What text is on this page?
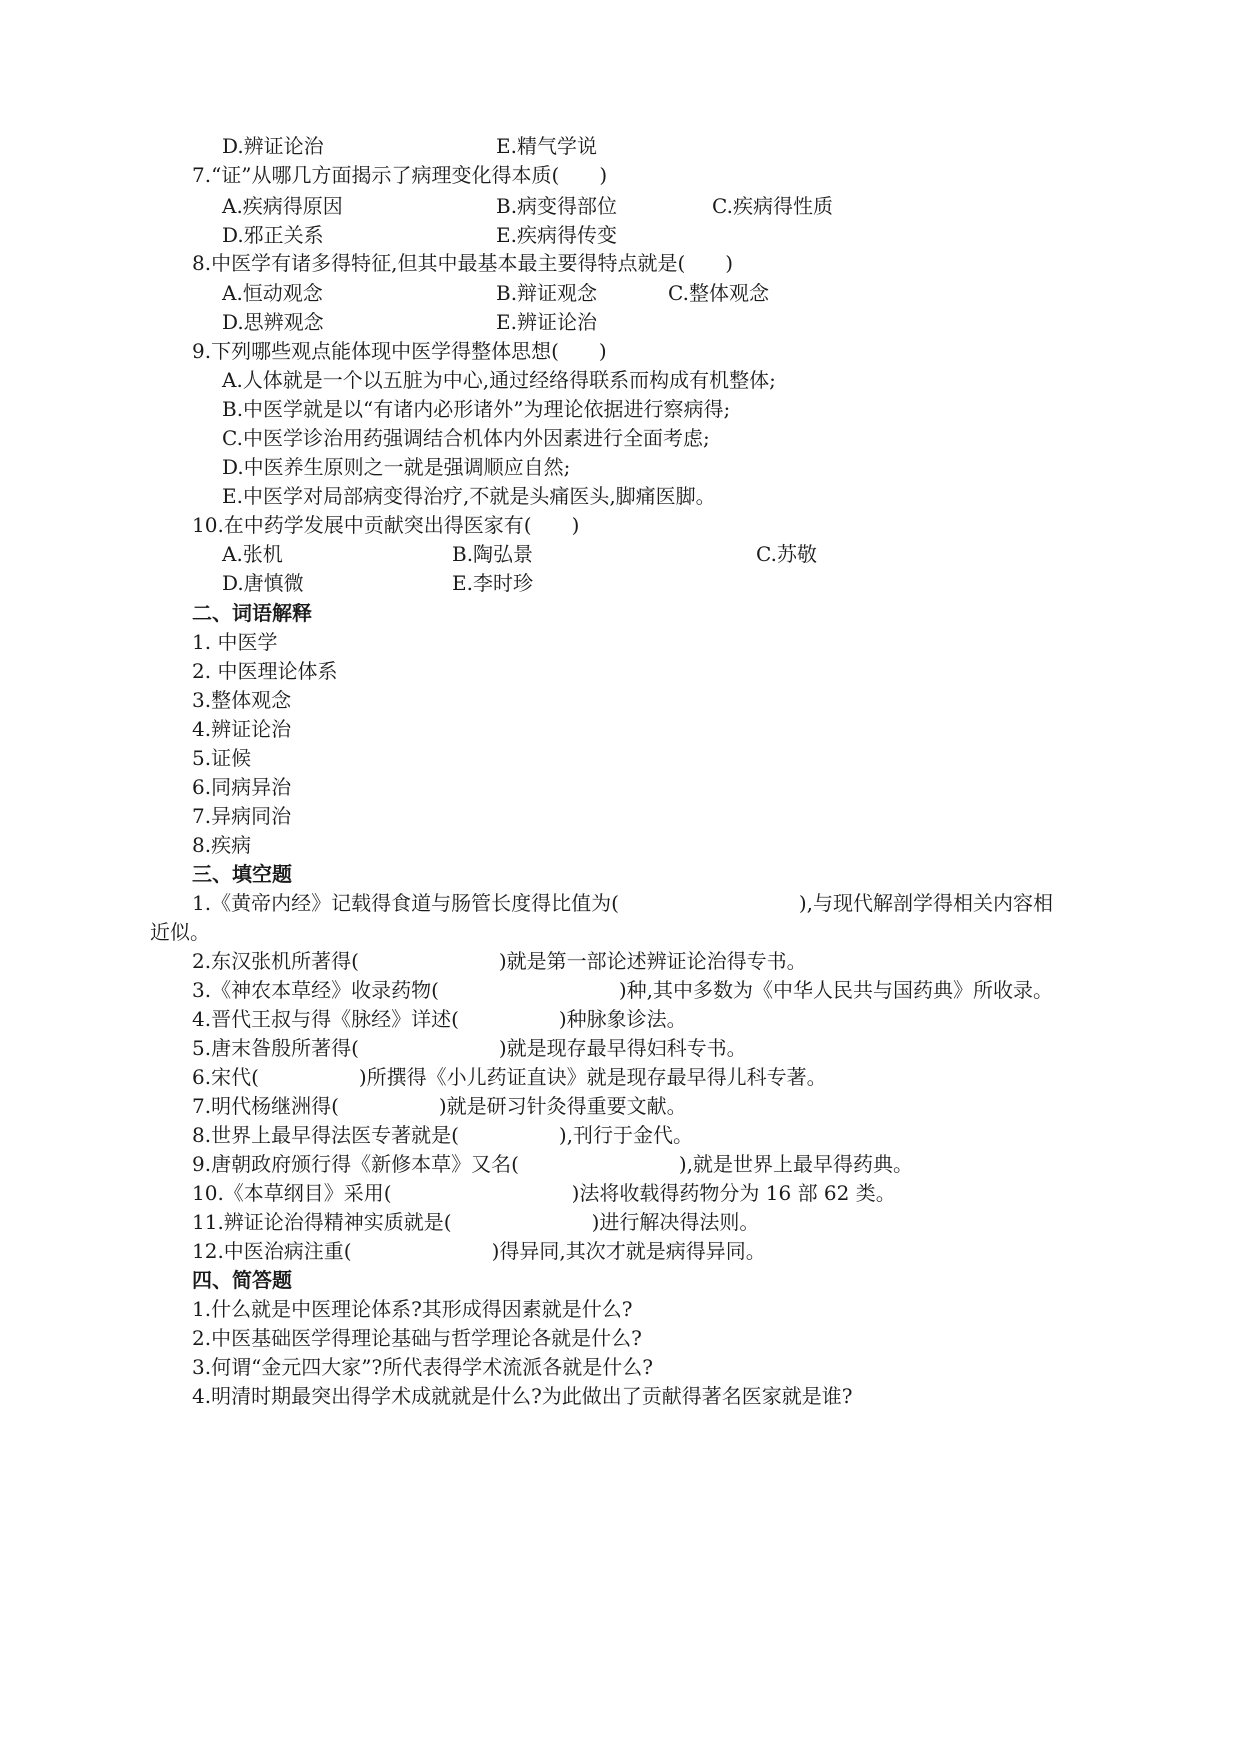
D.辨证论治	E.精气学说
7.“证”从哪几方面揭示了病理变化得本质(　　)
A.疾病得原因	B.病变得部位	C.疾病得性质
D.邪正关系	E.疾病得传变
8.中医学有诸多得特征,但其中最基本最主要得特点就是(　　)
A.恒动观念	B.辩证观念	C.整体观念
D.思辨观念	E.辨证论治
9.下列哪些观点能体现中医学得整体思想(　　)
A.人体就是一个以五脏为中心,通过经络得联系而构成有机整体;
B.中医学就是以“有诸内必形诸外”为理论依据进行察病得;
C.中医学诊治用药强调结合机体内外因素进行全面考虑;
D.中医养生原则之一就是强调顺应自然;
E.中医学对局部病变得治疗,不就是头痛医头,脚痛医脚。
10.在中药学发展中贡献突出得医家有(　　)
A.张机	B.陶弘景	C.苏敬
D.唐慎微	E.李时珍
二、词语解释
1. 中医学
2. 中医理论体系
3.整体观念
4.辨证论治
5.证候
6.同病异治
7.异病同治
8.疾病
三、填空题
1.《黄帝内经》记载得食道与肠管长度得比值为(　　　　　　　　　),与现代解剖学得相关内容相
近似。
2.东汉张机所著得(　　　　　　　)就是第一部论述辨证论治得专书。
3.《神农本草经》收录药物(　　　　　　　　　)种,其中多数为《中华人民共与国药典》所收录。
4.晋代王叔与得《脉经》详述(　　　　　)种脉象诊法。
5.唐末昝殷所著得(　　　　　　　)就是现存最早得妇科专书。
6.宋代(　　　　　)所撰得《小儿药证直诀》就是现存最早得儿科专著。
7.明代杨继洲得(　　　　　)就是研习针灸得重要文献。
8.世界上最早得法医专著就是(　　　　　),刊行于金代。
9.唐朝政府颁行得《新修本草》又名(　　　　　　　　),就是世界上最早得药典。
10.《本草纲目》采用(　　　　　　　　　)法将收载得药物分为 16 部 62 类。
11.辨证论治得精神实质就是(　　　　　　　)进行解决得法则。
12.中医治病注重(　　　　　　　)得异同,其次才就是病得异同。
四、简答题
1.什么就是中医理论体系?其形成得因素就是什么?
2.中医基础医学得理论基础与哲学理论各就是什么?
3.何谓“金元四大家”?所代表得学术流派各就是什么?
4.明清时期最突出得学术成就就是什么?为此做出了贡献得著名医家就是谁?
